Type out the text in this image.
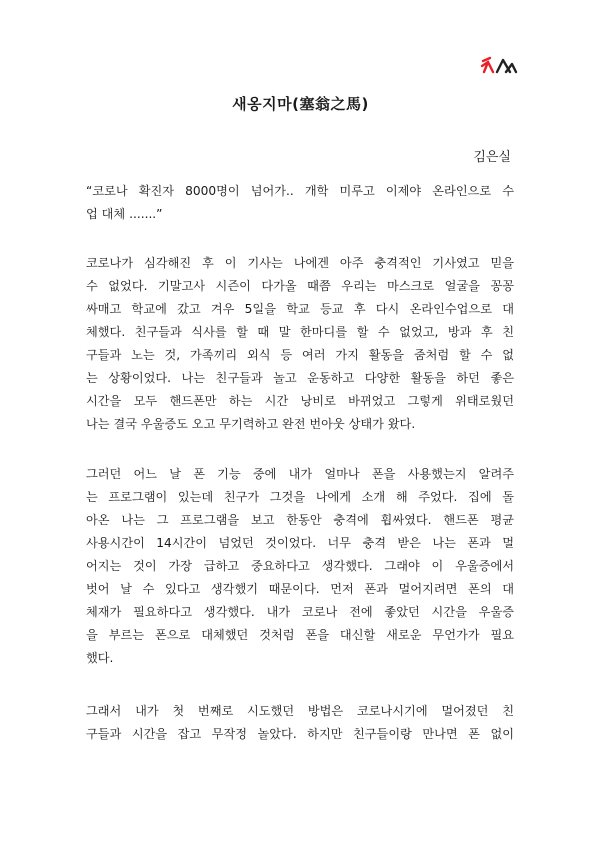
새옹지마(塞翁之馬)
김은실
“코로나 확진자 8000명이 넘어가.. 개학 미루고 이제야 온라인으로 수
업 대체 .......”
코로나가 심각해진 후 이 기사는 나에겐 아주 충격적인 기사였고 믿을
수 없었다. 기말고사 시즌이 다가올 때쯤 우리는 마스크로 얼굴을 꽁꽁
싸매고 학교에 갔고 겨우 5일을 학교 등교 후 다시 온라인수업으로 대
체했다. 친구들과 식사를 할 때 말 한마디를 할 수 없었고, 방과 후 친
구들과 노는 것, 가족끼리 외식 등 여러 가지 활동을 줌처럼 할 수 없
는 상황이었다. 나는 친구들과 놀고 운동하고 다양한 활동을 하던 좋은
시간을 모두 핸드폰만 하는 시간 낭비로 바뀌었고 그렇게 위태로웠던
나는 결국 우울증도 오고 무기력하고 완전 번아웃 상태가 왔다.
그러던 어느 날 폰 기능 중에 내가 얼마나 폰을 사용했는지 알려주
는 프로그램이 있는데 친구가 그것을 나에게 소개 해 주었다. 집에 돌
아온 나는 그 프로그램을 보고 한동안 충격에 휩싸였다. 핸드폰 평균
사용시간이 14시간이 넘었던 것이었다. 너무 충격 받은 나는 폰과 멀
어지는 것이 가장 급하고 중요하다고 생각했다. 그래야 이 우울증에서
벗어 날 수 있다고 생각했기 때문이다. 먼저 폰과 멀어지려면 폰의 대
체재가 필요하다고 생각했다. 내가 코로나 전에 좋았던 시간을 우울증
을 부르는 폰으로 대체했던 것처럼 폰을 대신할 새로운 무언가가 필요
했다.
그래서 내가 첫 번째로 시도했던 방법은 코로나시기에 멀어졌던 친
구들과 시간을 잡고 무작정 놀았다. 하지만 친구들이랑 만나면 폰 없이
